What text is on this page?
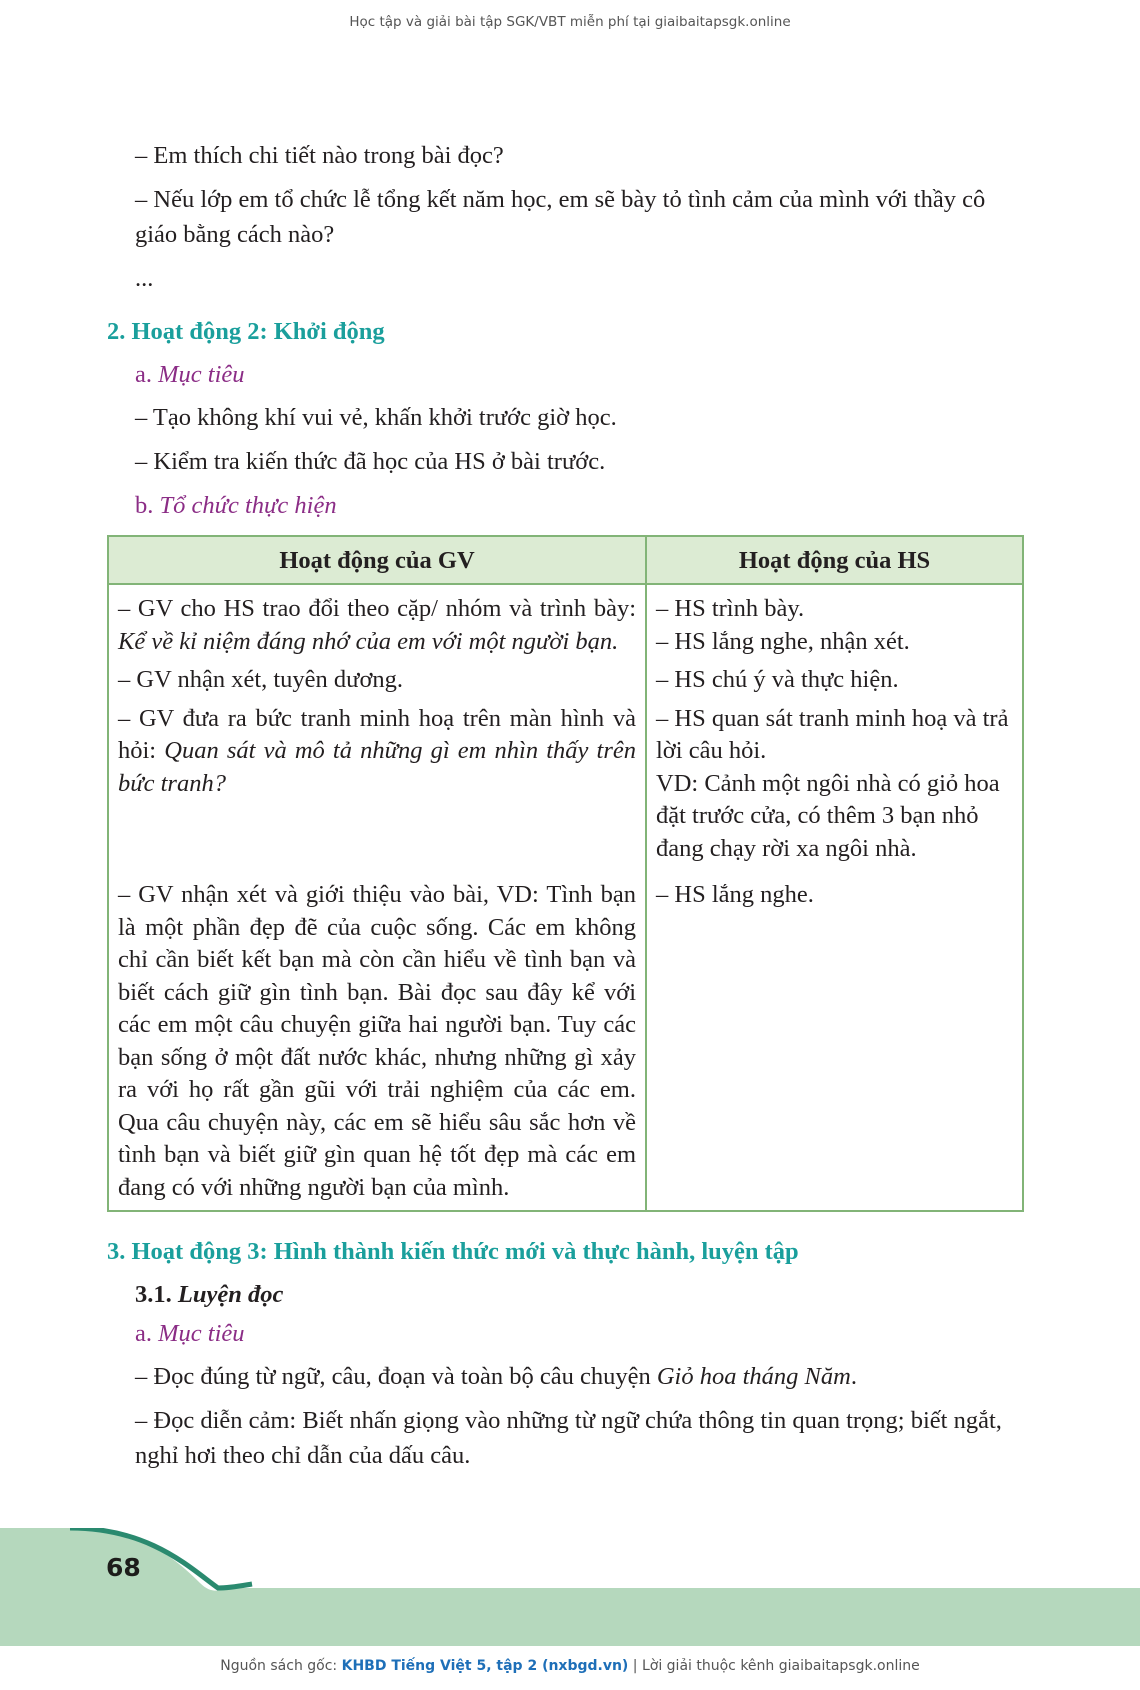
Học tập và giải bài tập SGK/VBT miễn phí tại giaibaitapsgk.online

– Em thích chi tiết nào trong bài đọc?

– Nếu lớp em tổ chức lễ tổng kết năm học, em sẽ bày tỏ tình cảm của mình với thầy cô giáo bằng cách nào?

...

2. Hoạt động 2: Khởi động

a. Mục tiêu

– Tạo không khí vui vẻ, khấn khởi trước giờ học.

– Kiểm tra kiến thức đã học của HS ở bài trước.

b. Tổ chức thực hiện

Hoạt động của GV	Hoạt động của HS
– GV cho HS trao đổi theo cặp/ nhóm và trình bày: Kể về kỉ niệm đáng nhớ của em với một người bạn.	– HS trình bày.
– HS lắng nghe, nhận xét.

– GV nhận xét, tuyên dương.	– HS chú ý và thực hiện.

– GV đưa ra bức tranh minh hoạ trên màn hình và hỏi: Quan sát và mô tả những gì em nhìn thấy trên bức tranh?	– HS quan sát tranh minh hoạ và trả lời câu hỏi.
VD: Cảnh một ngôi nhà có giỏ hoa đặt trước cửa, có thêm 3 bạn nhỏ đang chạy rời xa ngôi nhà.

– GV nhận xét và giới thiệu vào bài, VD: Tình bạn là một phần đẹp đẽ của cuộc sống. Các em không chỉ cần biết kết bạn mà còn cần hiểu về tình bạn và biết cách giữ gìn tình bạn. Bài đọc sau đây kể với các em một câu chuyện giữa hai người bạn. Tuy các bạn sống ở một đất nước khác, nhưng những gì xảy ra với họ rất gần gũi với trải nghiệm của các em. Qua câu chuyện này, các em sẽ hiểu sâu sắc hơn về tình bạn và biết giữ gìn quan hệ tốt đẹp mà các em đang có với những người bạn của mình.	– HS lắng nghe.
3. Hoạt động 3: Hình thành kiến thức mới và thực hành, luyện tập

3.1. Luyện đọc

a. Mục tiêu

– Đọc đúng từ ngữ, câu, đoạn và toàn bộ câu chuyện Giỏ hoa tháng Năm.

– Đọc diễn cảm: Biết nhấn giọng vào những từ ngữ chứa thông tin quan trọng; biết ngắt, nghỉ hơi theo chỉ dẫn của dấu câu.

68
Nguồn sách gốc: KHBD Tiếng Việt 5, tập 2 (nxbgd.vn) | Lời giải thuộc kênh giaibaitapsgk.online
